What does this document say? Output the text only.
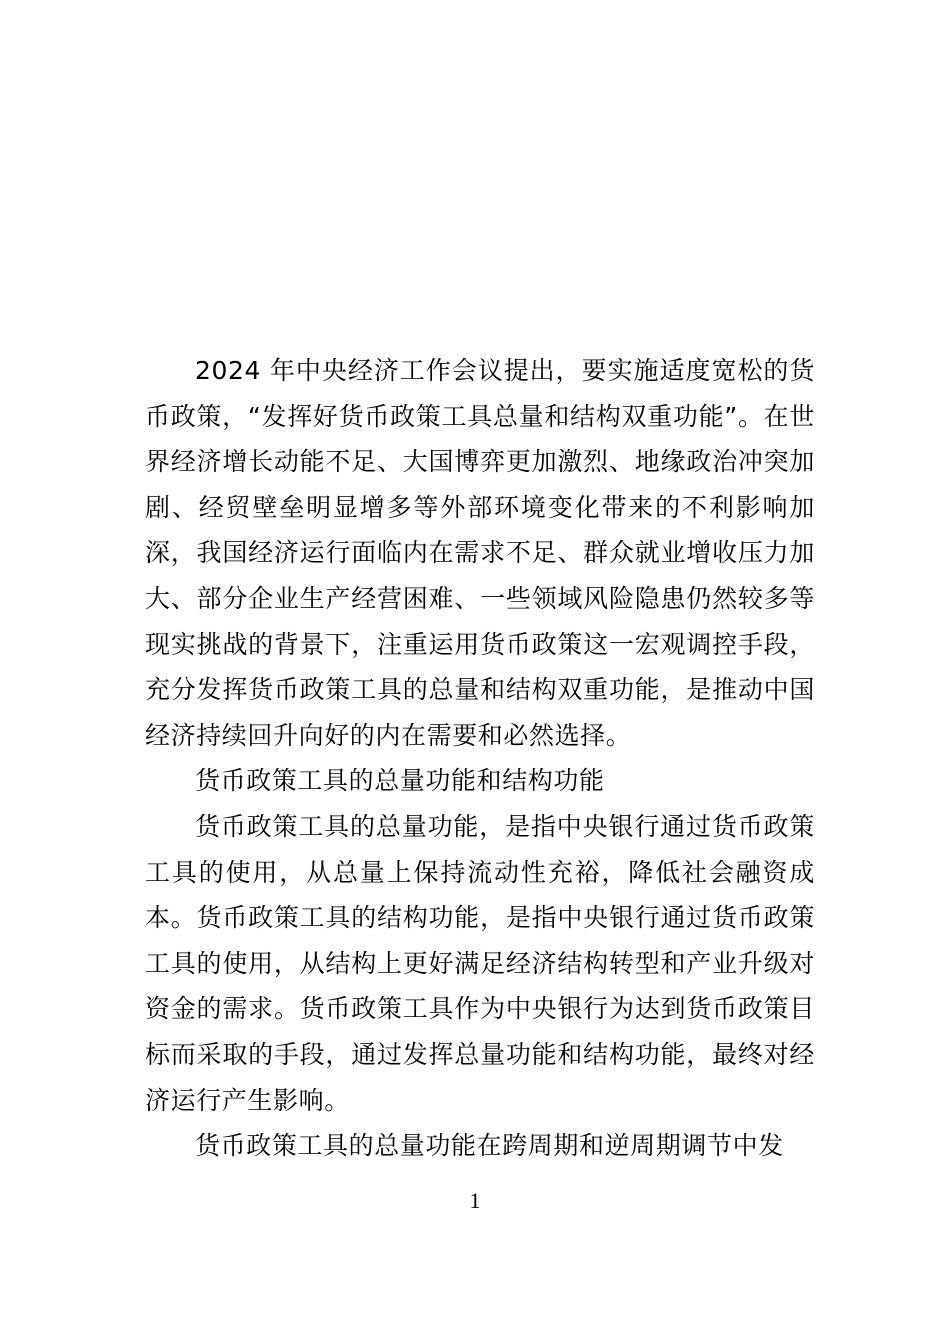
2024 年中央经济工作会议提出，要实施适度宽松的货币政策，“发挥好货币政策工具总量和结构双重功能”。在世界经济增长动能不足、大国博弈更加激烈、地缘政治冲突加剧、经贸壁垒明显增多等外部环境变化带来的不利影响加深，我国经济运行面临内在需求不足、群众就业增收压力加大、部分企业生产经营困难、一些领域风险隐患仍然较多等现实挑战的背景下，注重运用货币政策这一宏观调控手段，充分发挥货币政策工具的总量和结构双重功能，是推动中国经济持续回升向好的内在需要和必然选择。

货币政策工具的总量功能和结构功能

货币政策工具的总量功能，是指中央银行通过货币政策工具的使用，从总量上保持流动性充裕，降低社会融资成本。货币政策工具的结构功能，是指中央银行通过货币政策工具的使用，从结构上更好满足经济结构转型和产业升级对资金的需求。货币政策工具作为中央银行为达到货币政策目标而采取的手段，通过发挥总量功能和结构功能，最终对经济运行产生影响。

货币政策工具的总量功能在跨周期和逆周期调节中发

1
